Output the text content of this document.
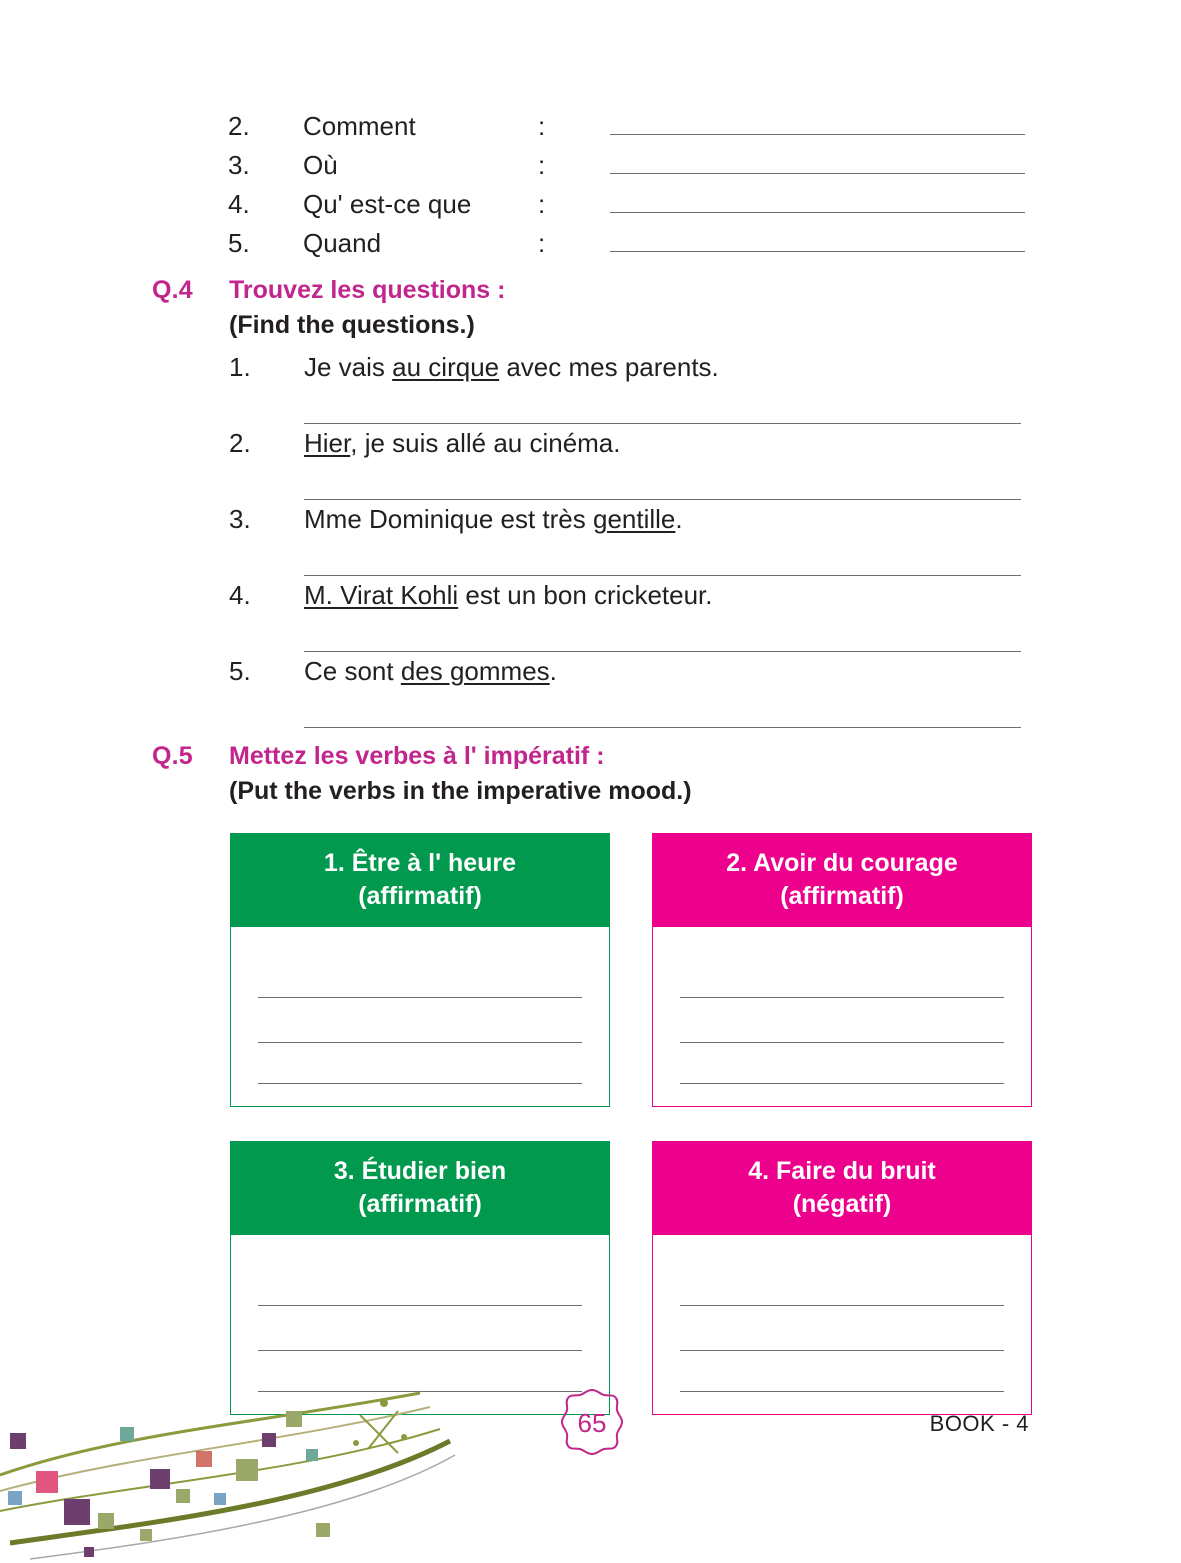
2.	Comment	:
3.	Où	:
4.	Qu' est-ce que	:
5.	Quand	:
Q.4	Trouvez les questions :
(Find the questions.)
1.	Je vais au cirque avec mes parents.
2.	Hier, je suis allé au cinéma.
3.	Mme Dominique est très gentille.
4.	M. Virat Kohli est un bon cricketeur.
5.	Ce sont des gommes.
Q.5	Mettez les verbes à l' impératif :
(Put the verbs in the imperative mood.)
1. Être à l' heure
(affirmatif)
2. Avoir du courage
(affirmatif)
3. Étudier bien
(affirmatif)
4. Faire du bruit
(négatif)
65	BOOK - 4
